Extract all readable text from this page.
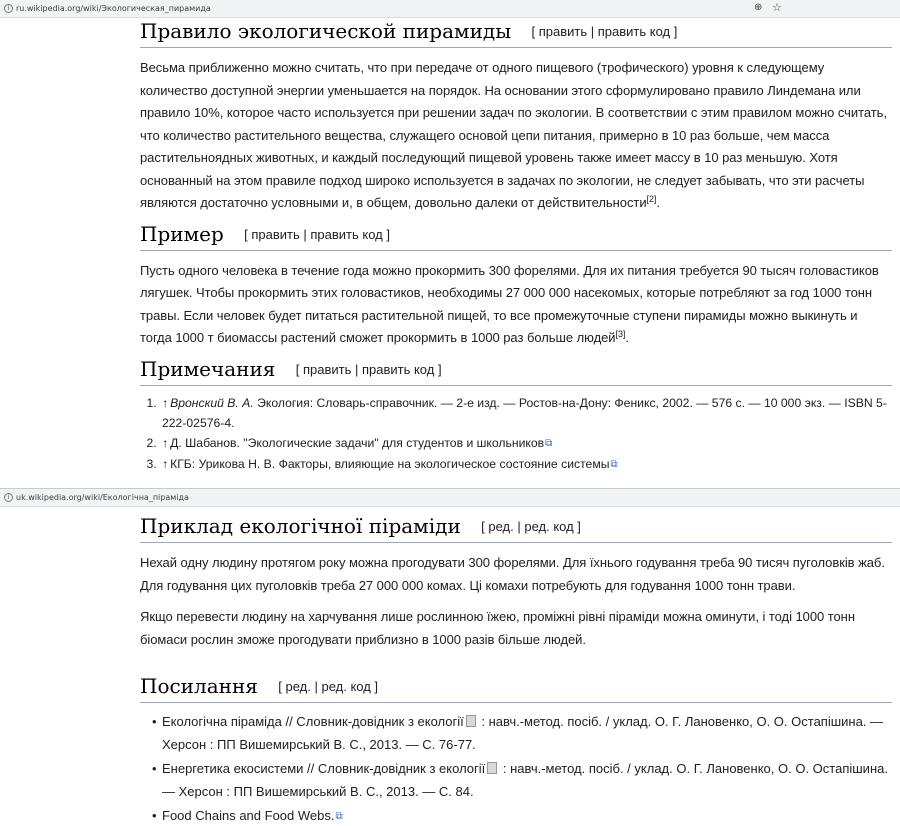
i ru.wikipedia.org/wiki/Экологическая_пирамида	⊕ ☆
Правило экологической пирамиды [ править | править код ]

Весьма приближенно можно считать, что при передаче от одного пищевого (трофического) уровня к следующему количество доступной энергии уменьшается на порядок. На основании этого сформулировано правило Линдемана или правило 10%, которое часто используется при решении задач по экологии. В соответствии с этим правилом можно считать, что количество растительного вещества, служащего основой цепи питания, примерно в 10 раз больше, чем масса растительноядных животных, и каждый последующий пищевой уровень также имеет массу в 10 раз меньшую. Хотя основанный на этом правиле подход широко используется в задачах по экологии, не следует забывать, что эти расчеты являются достаточно условными и, в общем, довольно далеки от действительности[2].

Пример [ править | править код ]

Пусть одного человека в течение года можно прокормить 300 форелями. Для их питания требуется 90 тысяч головастиков лягушек. Чтобы прокормить этих головастиков, необходимы 27 000 000 насекомых, которые потребляют за год 1000 тонн травы. Если человек будет питаться растительной пищей, то все промежуточные ступени пирамиды можно выкинуть и тогда 1000 т биомассы растений сможет прокормить в 1000 раз больше людей[3].

Примечания [ править | править код ]
1. ↑ Вронский В. А. Экология: Словарь-справочник. — 2-е изд. — Ростов-на-Дону: Феникс, 2002. — 576 с. — 10 000 экз. — ISBN 5-222-02576-4.
2. ↑ Д. Шабанов. "Экологические задачи" для студентов и школьников⧉
3. ↑ КГБ: Урикова Н. В. Факторы, влияющие на экологическое состояние системы⧉
i uk.wikipedia.org/wiki/Екологічна_піраміда
Приклад екологічної піраміди [ ред. | ред. код ]

Нехай одну людину протягом року можна прогодувати 300 форелями. Для їхнього годування треба 90 тисяч пуголовків жаб. Для годування цих пуголовків треба 27 000 000 комах. Ці комахи потребують для годування 1000 тонн трави.

Якщо перевести людину на харчування лише рослинною їжею, проміжні рівні піраміди можна оминути, і тоді 1000 тонн біомаси рослин зможе прогодувати приблизно в 1000 разів більше людей.

Посилання [ ред. | ред. код ]
• Екологічна піраміда // Словник-довідник з екології : навч.-метод. посіб. / уклад. О. Г. Лановенко, О. О. Остапішина. — Херсон : ПП Вишемирський В. С., 2013. — С. 76-77.
• Енергетика екосистеми // Словник-довідник з екології : навч.-метод. посіб. / уклад. О. Г. Лановенко, О. О. Остапішина. — Херсон : ПП Вишемирський В. С., 2013. — С. 84.
• Food Chains and Food Webs.⧉
